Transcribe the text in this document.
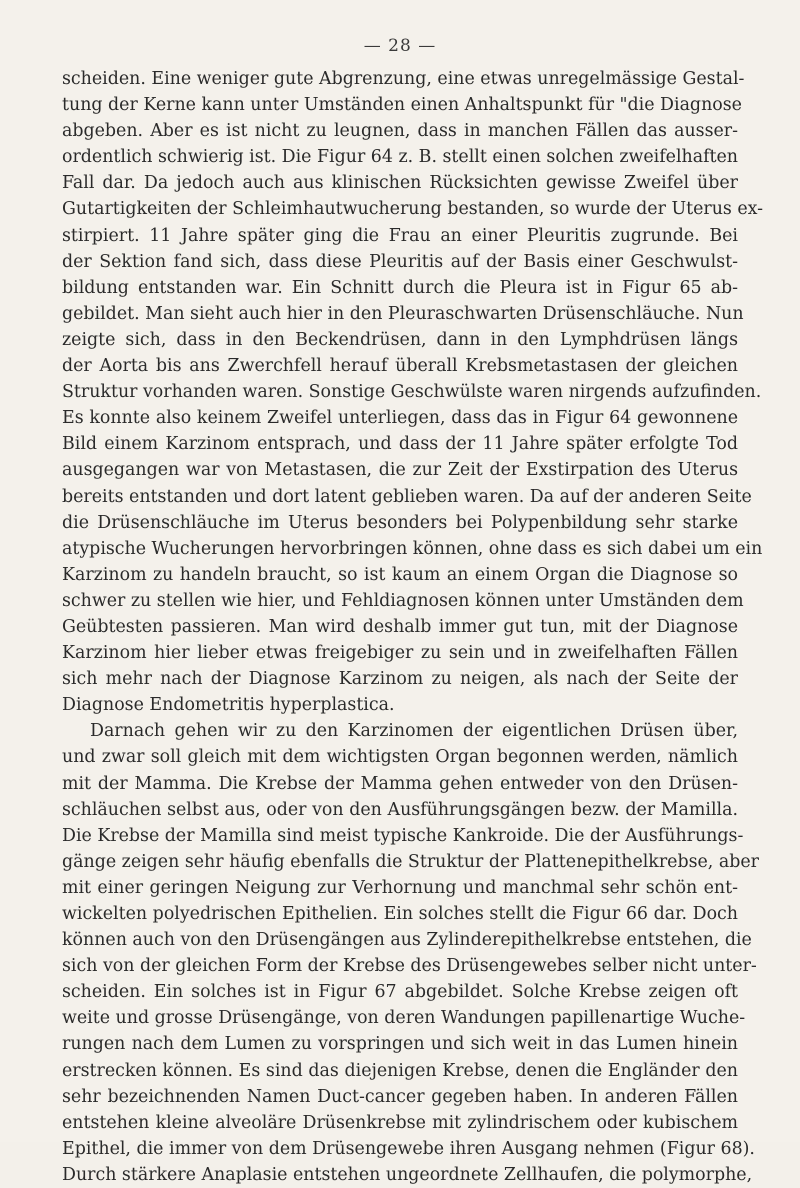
— 28 —
scheiden. Eine weniger gute Abgrenzung, eine etwas unregelmässige Gestal-
tung der Kerne kann unter Umständen einen Anhaltspunkt für "die Diagnose
abgeben. Aber es ist nicht zu leugnen, dass in manchen Fällen das ausser-
ordentlich schwierig ist. Die Figur 64 z. B. stellt einen solchen zweifelhaften
Fall dar. Da jedoch auch aus klinischen Rücksichten gewisse Zweifel über
Gutartigkeiten der Schleimhautwucherung bestanden, so wurde der Uterus ex-
stirpiert. 11 Jahre später ging die Frau an einer Pleuritis zugrunde. Bei
der Sektion fand sich, dass diese Pleuritis auf der Basis einer Geschwulst-
bildung entstanden war. Ein Schnitt durch die Pleura ist in Figur 65 ab-
gebildet. Man sieht auch hier in den Pleuraschwarten Drüsenschläuche. Nun
zeigte sich, dass in den Beckendrüsen, dann in den Lymphdrüsen längs
der Aorta bis ans Zwerchfell herauf überall Krebsmetastasen der gleichen
Struktur vorhanden waren. Sonstige Geschwülste waren nirgends aufzufinden.
Es konnte also keinem Zweifel unterliegen, dass das in Figur 64 gewonnene
Bild einem Karzinom entsprach, und dass der 11 Jahre später erfolgte Tod
ausgegangen war von Metastasen, die zur Zeit der Exstirpation des Uterus
bereits entstanden und dort latent geblieben waren. Da auf der anderen Seite
die Drüsenschläuche im Uterus besonders bei Polypenbildung sehr starke
atypische Wucherungen hervorbringen können, ohne dass es sich dabei um ein
Karzinom zu handeln braucht, so ist kaum an einem Organ die Diagnose so
schwer zu stellen wie hier, und Fehldiagnosen können unter Umständen dem
Geübtesten passieren. Man wird deshalb immer gut tun, mit der Diagnose
Karzinom hier lieber etwas freigebiger zu sein und in zweifelhaften Fällen
sich mehr nach der Diagnose Karzinom zu neigen, als nach der Seite der
Diagnose Endometritis hyperplastica.
Darnach gehen wir zu den Karzinomen der eigentlichen Drüsen über,
und zwar soll gleich mit dem wichtigsten Organ begonnen werden, nämlich
mit der Mamma. Die Krebse der Mamma gehen entweder von den Drüsen-
schläuchen selbst aus, oder von den Ausführungsgängen bezw. der Mamilla.
Die Krebse der Mamilla sind meist typische Kankroide. Die der Ausführungs-
gänge zeigen sehr häufig ebenfalls die Struktur der Plattenepithelkrebse, aber
mit einer geringen Neigung zur Verhornung und manchmal sehr schön ent-
wickelten polyedrischen Epithelien. Ein solches stellt die Figur 66 dar. Doch
können auch von den Drüsengängen aus Zylinderepithelkrebse entstehen, die
sich von der gleichen Form der Krebse des Drüsengewebes selber nicht unter-
scheiden. Ein solches ist in Figur 67 abgebildet. Solche Krebse zeigen oft
weite und grosse Drüsengänge, von deren Wandungen papillenartige Wuche-
rungen nach dem Lumen zu vorspringen und sich weit in das Lumen hinein
erstrecken können. Es sind das diejenigen Krebse, denen die Engländer den
sehr bezeichnenden Namen Duct-cancer gegeben haben. In anderen Fällen
entstehen kleine alveoläre Drüsenkrebse mit zylindrischem oder kubischem
Epithel, die immer von dem Drüsengewebe ihren Ausgang nehmen (Figur 68).
Durch stärkere Anaplasie entstehen ungeordnete Zellhaufen, die polymorphe,
